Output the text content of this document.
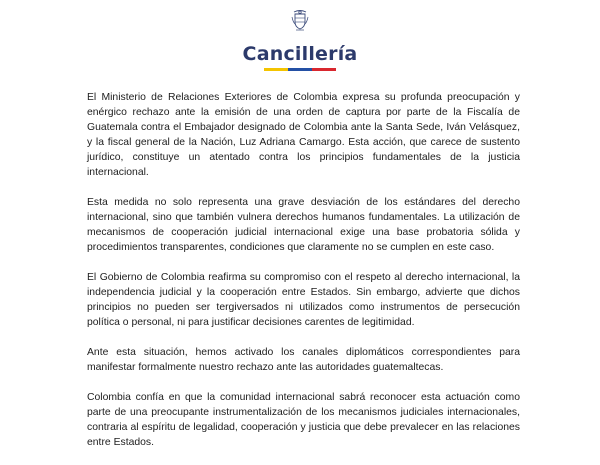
Cancillería

El Ministerio de Relaciones Exteriores de Colombia expresa su profunda preocupación y enérgico rechazo ante la emisión de una orden de captura por parte de la Fiscalía de Guatemala contra el Embajador designado de Colombia ante la Santa Sede, Iván Velásquez, y la fiscal general de la Nación, Luz Adriana Camargo. Esta acción, que carece de sustento jurídico, constituye un atentado contra los principios fundamentales de la justicia internacional.

Esta medida no solo representa una grave desviación de los estándares del derecho internacional, sino que también vulnera derechos humanos fundamentales. La utilización de mecanismos de cooperación judicial internacional exige una base probatoria sólida y procedimientos transparentes, condiciones que claramente no se cumplen en este caso.

El Gobierno de Colombia reafirma su compromiso con el respeto al derecho internacional, la independencia judicial y la cooperación entre Estados. Sin embargo, advierte que dichos principios no pueden ser tergiversados ni utilizados como instrumentos de persecución política o personal, ni para justificar decisiones carentes de legitimidad.

Ante esta situación, hemos activado los canales diplomáticos correspondientes para manifestar formalmente nuestro rechazo ante las autoridades guatemaltecas.

Colombia confía en que la comunidad internacional sabrá reconocer esta actuación como parte de una preocupante instrumentalización de los mecanismos judiciales internacionales, contraria al espíritu de legalidad, cooperación y justicia que debe prevalecer en las relaciones entre Estados.
